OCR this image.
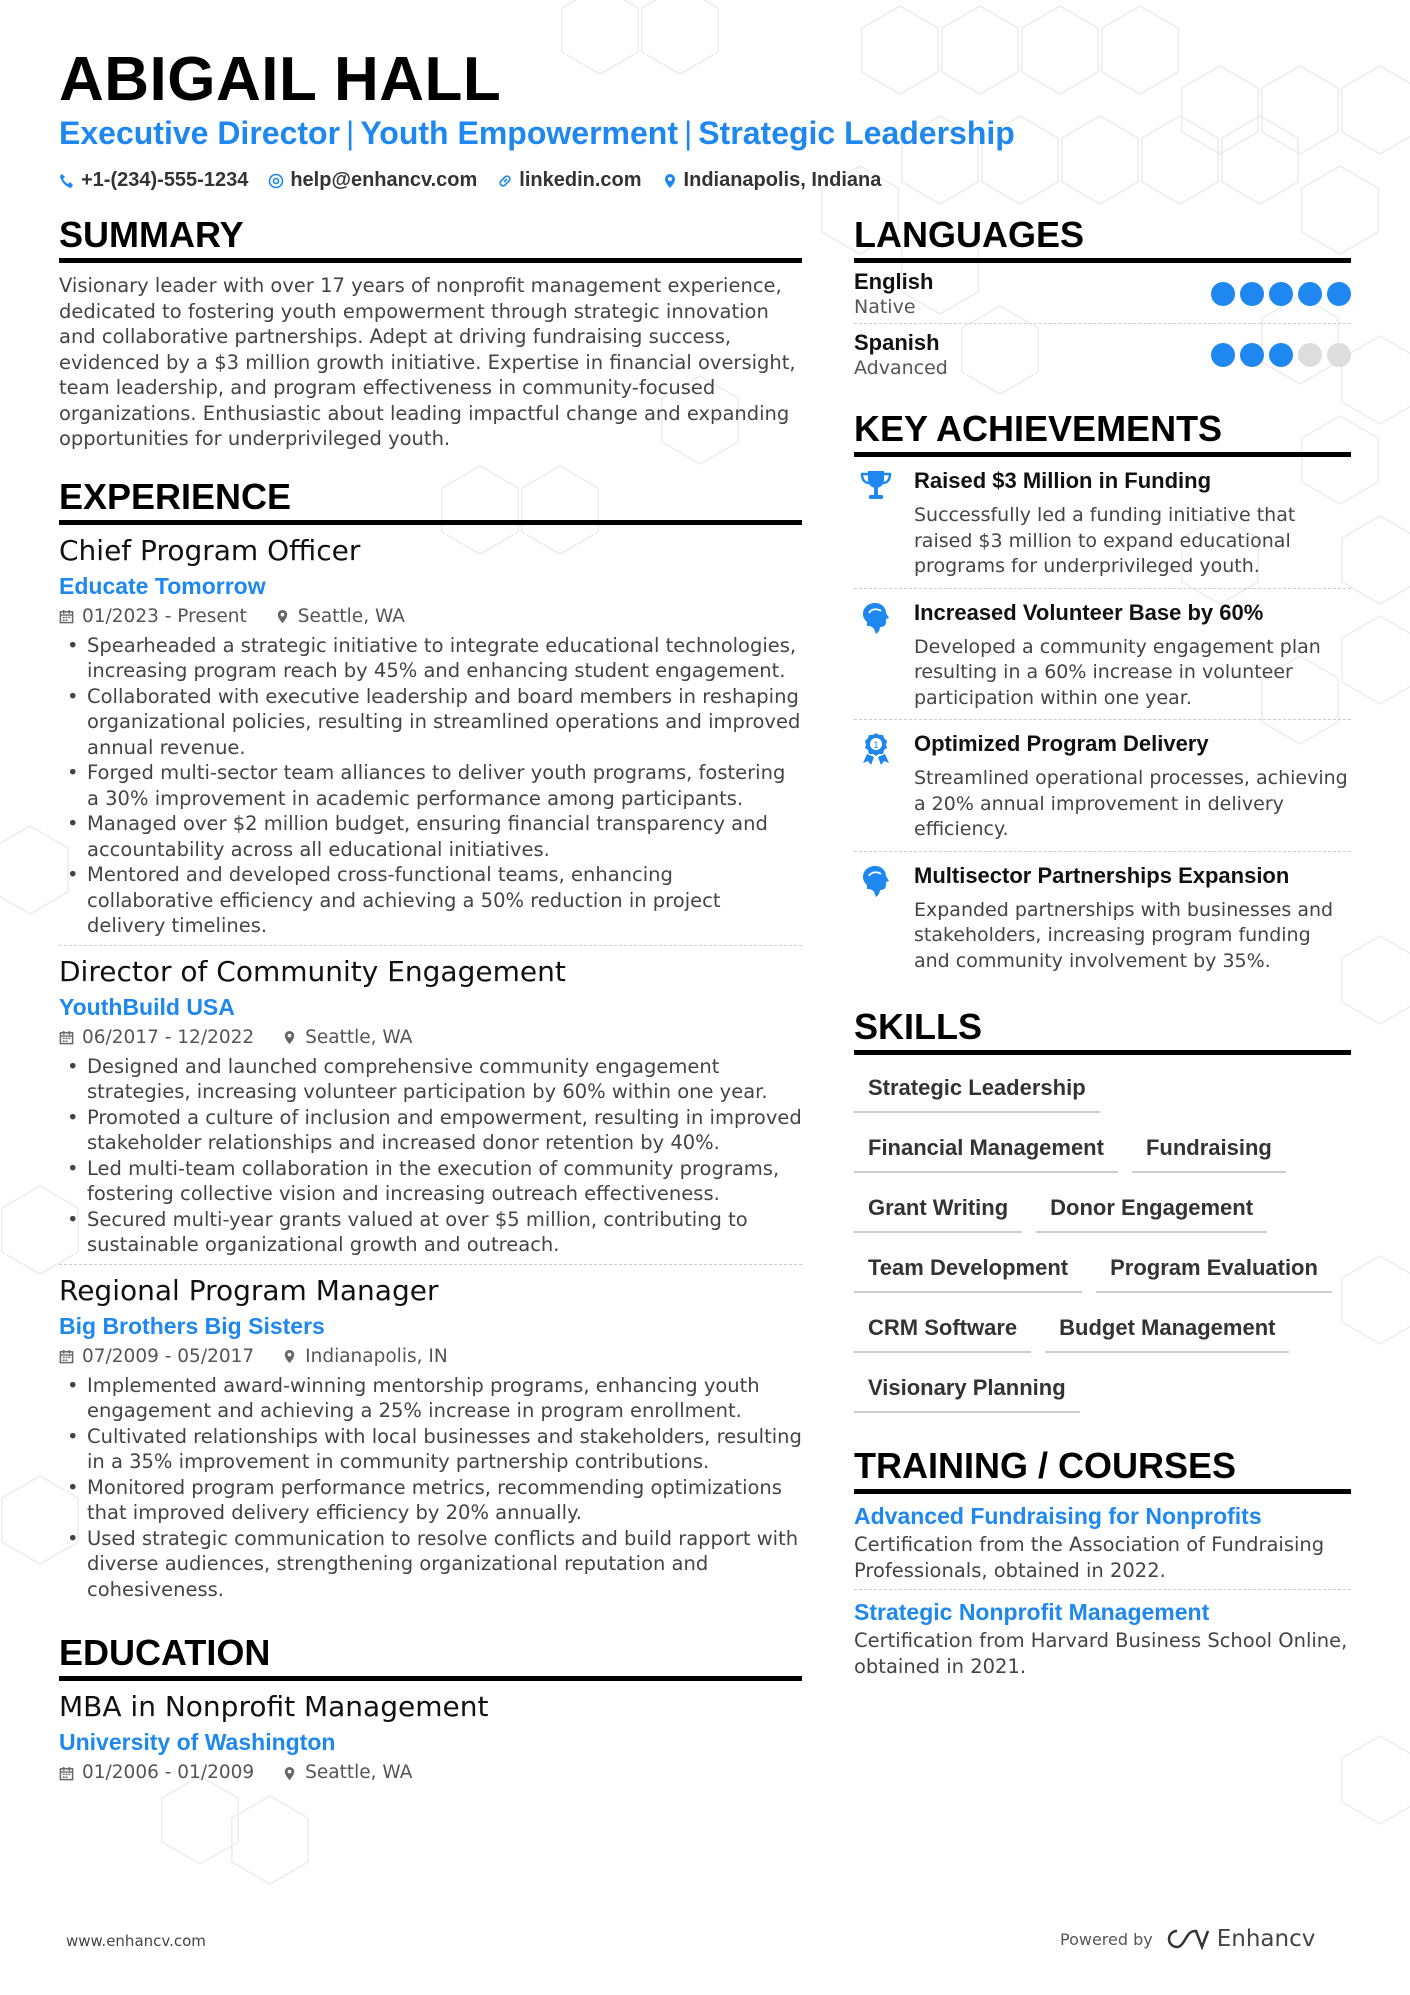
ABIGAIL HALL
Executive Director | Youth Empowerment | Strategic Leadership
+1-(234)-555-1234 help@enhancv.com linkedin.com Indianapolis, Indiana
SUMMARY

Visionary leader with over 17 years of nonprofit management experience, dedicated to fostering youth empowerment through strategic innovation and collaborative partnerships. Adept at driving fundraising success, evidenced by a $3 million growth initiative. Expertise in financial oversight, team leadership, and program effectiveness in community-focused organizations. Enthusiastic about leading impactful change and expanding opportunities for underprivileged youth.

EXPERIENCE
Chief Program Officer
Educate Tomorrow
01/2023 - Present	Seattle, WA
• Spearheaded a strategic initiative to integrate educational technologies, increasing program reach by 45% and enhancing student engagement.
• Collaborated with executive leadership and board members in reshaping organizational policies, resulting in streamlined operations and improved annual revenue.
• Forged multi-sector team alliances to deliver youth programs, fostering a 30% improvement in academic performance among participants.
• Managed over $2 million budget, ensuring financial transparency and accountability across all educational initiatives.
• Mentored and developed cross-functional teams, enhancing collaborative efficiency and achieving a 50% reduction in project delivery timelines.
Director of Community Engagement
YouthBuild USA
06/2017 - 12/2022	Seattle, WA
• Designed and launched comprehensive community engagement strategies, increasing volunteer participation by 60% within one year.
• Promoted a culture of inclusion and empowerment, resulting in improved stakeholder relationships and increased donor retention by 40%.
• Led multi-team collaboration in the execution of community programs, fostering collective vision and increasing outreach effectiveness.
• Secured multi-year grants valued at over $5 million, contributing to sustainable organizational growth and outreach.
Regional Program Manager
Big Brothers Big Sisters
07/2009 - 05/2017	Indianapolis, IN
• Implemented award-winning mentorship programs, enhancing youth engagement and achieving a 25% increase in program enrollment.
• Cultivated relationships with local businesses and stakeholders, resulting in a 35% improvement in community partnership contributions.
• Monitored program performance metrics, recommending optimizations that improved delivery efficiency by 20% annually.
• Used strategic communication to resolve conflicts and build rapport with diverse audiences, strengthening organizational reputation and cohesiveness.
EDUCATION
MBA in Nonprofit Management
University of Washington
01/2006 - 01/2009	Seattle, WA
LANGUAGES
English
Native
Spanish
Advanced
KEY ACHIEVEMENTS
Raised $3 Million in Funding
Successfully led a funding initiative that raised $3 million to expand educational programs for underprivileged youth.
Increased Volunteer Base by 60%
Developed a community engagement plan resulting in a 60% increase in volunteer participation within one year.
1 Optimized Program Delivery
Streamlined operational processes, achieving a 20% annual improvement in delivery efficiency.
Multisector Partnerships Expansion
Expanded partnerships with businesses and stakeholders, increasing program funding and community involvement by 35%.
SKILLS
Strategic Leadership
Financial Management	Fundraising
Grant Writing	Donor Engagement
Team Development	Program Evaluation
CRM Software	Budget Management
Visionary Planning
TRAINING / COURSES
Advanced Fundraising for Nonprofits
Certification from the Association of Fundraising Professionals, obtained in 2022.
Strategic Nonprofit Management
Certification from Harvard Business School Online, obtained in 2021.
www.enhancv.com	Powered by	Enhancv
